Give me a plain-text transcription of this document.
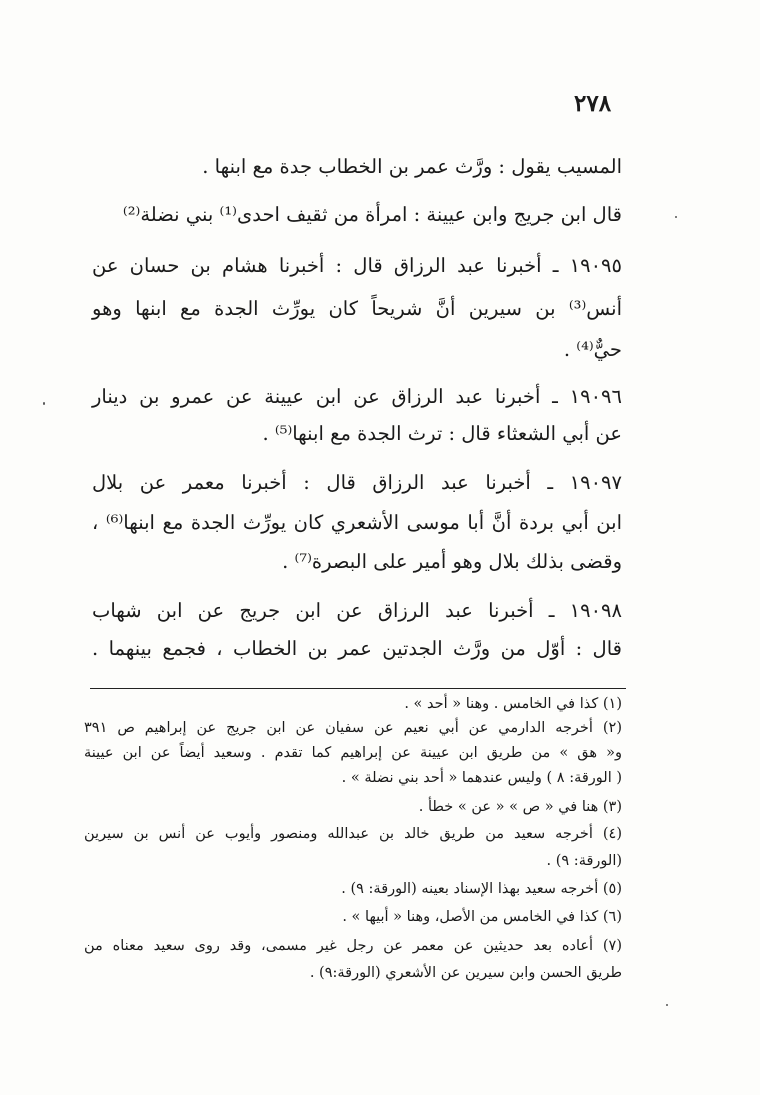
٢٧٨
المسيب يقول : ورَّث عمر بن الخطاب جدة مع ابنها .
قال ابن جريج وابن عيينة : امرأة من ثقيف احدى⁽¹⁾ بني نضلة⁽²⁾
١٩٠٩٥ ـ أخبرنا عبد الرزاق قال : أخبرنا هشام بن حسان عن
أنس⁽³⁾ بن سيرين أنَّ شريحاً كان يورِّث الجدة مع ابنها وهو
حيٌّ⁽⁴⁾ .
١٩٠٩٦ ـ أخبرنا عبد الرزاق عن ابن عيينة عن عمرو بن دينار
عن أبي الشعثاء قال : ترث الجدة مع ابنها⁽⁵⁾ .
١٩٠٩٧ ـ أخبرنا عبد الرزاق قال : أخبرنا معمر عن بلال
ابن أبي بردة أنَّ أبا موسى الأشعري كان يورِّث الجدة مع ابنها⁽⁶⁾ ،
وقضى بذلك بلال وهو أمير على البصرة⁽⁷⁾ .
١٩٠٩٨ ـ أخبرنا عبد الرزاق عن ابن جريج عن ابن شهاب
قال : أوّل من ورَّث الجدتين عمر بن الخطاب ، فجمع بينهما .
(١) كذا في الخامس . وهنا « أحد » .
(٢) أخرجه الدارمي عن أبي نعيم عن سفيان عن ابن جريج عن إبراهيم ص ٣٩١
و« هق » من طريق ابن عيينة عن إبراهيم كما تقدم . وسعيد أيضاً عن ابن عيينة
( الورقة: ٨ ) وليس عندهما « أحد بني نضلة » .
(٣) هنا في « ص » « عن » خطأ .
(٤) أخرجه سعيد من طريق خالد بن عبدالله ومنصور وأيوب عن أنس بن سيرين
(الورقة: ٩) .
(٥) أخرجه سعيد بهذا الإسناد بعينه (الورقة: ٩) .
(٦) كذا في الخامس من الأصل، وهنا « أبيها » .
(٧) أعاده بعد حديثين عن معمر عن رجل غير مسمى، وقد روى سعيد معناه من
طريق الحسن وابن سيرين عن الأشعري (الورقة:٩) .
